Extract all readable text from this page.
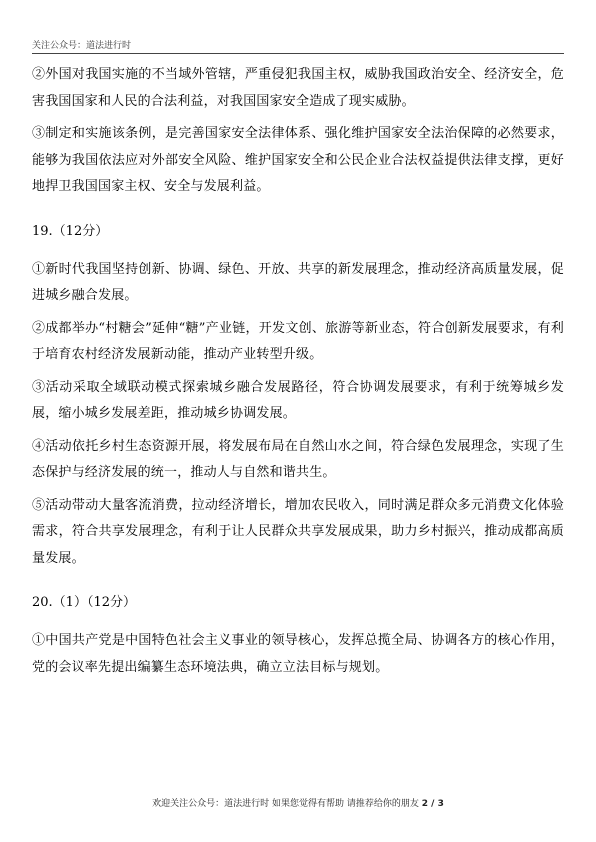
关注公众号：道法进行时

②外国对我国实施的不当域外管辖，严重侵犯我国主权，威胁我国政治安全、经济安全，危害我国国家和人民的合法利益，对我国国家安全造成了现实威胁。

③制定和实施该条例，是完善国家安全法律体系、强化维护国家安全法治保障的必然要求，能够为我国依法应对外部安全风险、维护国家安全和公民企业合法权益提供法律支撑，更好地捍卫我国国家主权、安全与发展利益。

19.（12分）

①新时代我国坚持创新、协调、绿色、开放、共享的新发展理念，推动经济高质量发展，促进城乡融合发展。

②成都举办“村糖会”延伸“糖”产业链，开发文创、旅游等新业态，符合创新发展要求，有利于培育农村经济发展新动能，推动产业转型升级。

③活动采取全域联动模式探索城乡融合发展路径，符合协调发展要求，有利于统筹城乡发展，缩小城乡发展差距，推动城乡协调发展。

④活动依托乡村生态资源开展，将发展布局在自然山水之间，符合绿色发展理念，实现了生态保护与经济发展的统一，推动人与自然和谐共生。

⑤活动带动大量客流消费，拉动经济增长，增加农民收入，同时满足群众多元消费文化体验需求，符合共享发展理念，有利于让人民群众共享发展成果，助力乡村振兴，推动成都高质量发展。

20.（1）（12分）

①中国共产党是中国特色社会主义事业的领导核心，发挥总揽全局、协调各方的核心作用，党的会议率先提出编纂生态环境法典，确立立法目标与规划。

欢迎关注公众号：道法进行时 如果您觉得有帮助 请推荐给你的朋友 2 / 3
